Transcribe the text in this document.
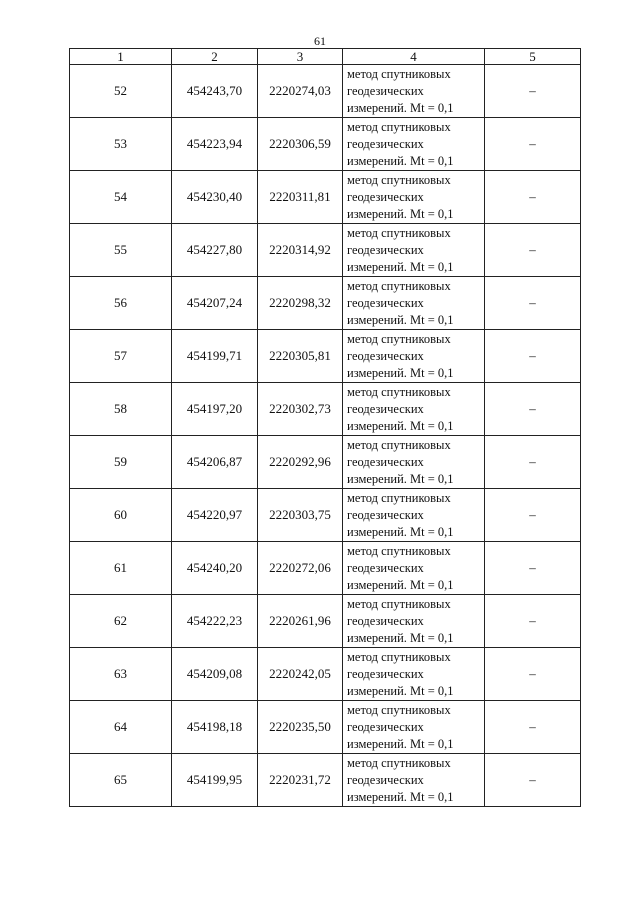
61
1	2	3	4	5
52	454243,70	2220274,03	метод спутниковых
геодезических
измерений. Mt = 0,1	–
53	454223,94	2220306,59	метод спутниковых
геодезических
измерений. Mt = 0,1	–
54	454230,40	2220311,81	метод спутниковых
геодезических
измерений. Mt = 0,1	–
55	454227,80	2220314,92	метод спутниковых
геодезических
измерений. Mt = 0,1	–
56	454207,24	2220298,32	метод спутниковых
геодезических
измерений. Mt = 0,1	–
57	454199,71	2220305,81	метод спутниковых
геодезических
измерений. Mt = 0,1	–
58	454197,20	2220302,73	метод спутниковых
геодезических
измерений. Mt = 0,1	–
59	454206,87	2220292,96	метод спутниковых
геодезических
измерений. Mt = 0,1	–
60	454220,97	2220303,75	метод спутниковых
геодезических
измерений. Mt = 0,1	–
61	454240,20	2220272,06	метод спутниковых
геодезических
измерений. Mt = 0,1	–
62	454222,23	2220261,96	метод спутниковых
геодезических
измерений. Mt = 0,1	–
63	454209,08	2220242,05	метод спутниковых
геодезических
измерений. Mt = 0,1	–
64	454198,18	2220235,50	метод спутниковых
геодезических
измерений. Mt = 0,1	–
65	454199,95	2220231,72	метод спутниковых
геодезических
измерений. Mt = 0,1	–
